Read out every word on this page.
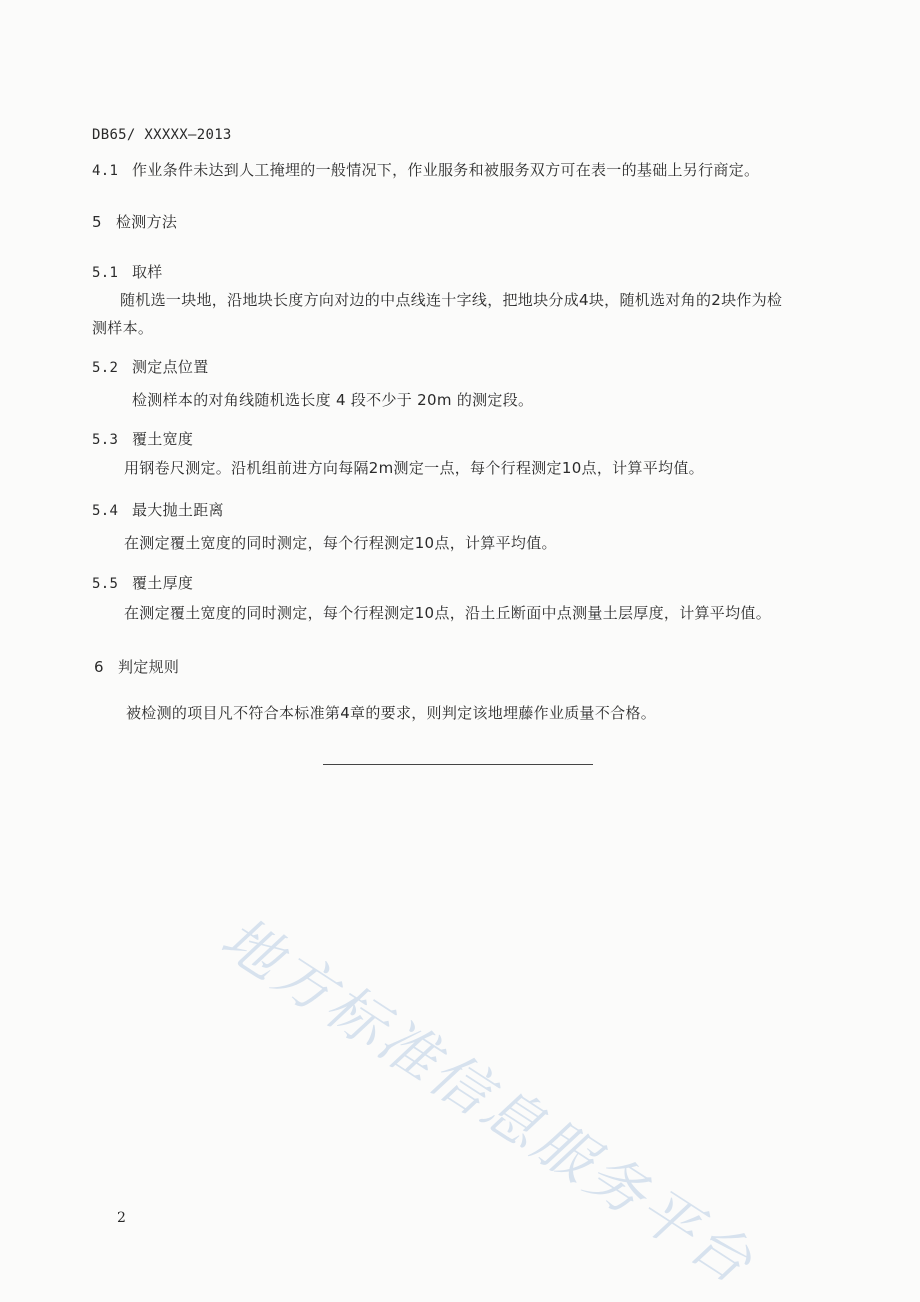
DB65/ XXXXX—2013
4.1 作业条件未达到人工掩埋的一般情况下，作业服务和被服务双方可在表一的基础上另行商定。
5 检测方法
5.1 取样
随机选一块地，沿地块长度方向对边的中点线连十字线，把地块分成4块，随机选对角的2块作为检
测样本。
5.2 测定点位置
检测样本的对角线随机选长度 4 段不少于 20m 的测定段。
5.3 覆土宽度
用钢卷尺测定。沿机组前进方向每隔2m测定一点，每个行程测定10点，计算平均值。
5.4 最大抛土距离
在测定覆土宽度的同时测定，每个行程测定10点，计算平均值。
5.5 覆土厚度
在测定覆土宽度的同时测定，每个行程测定10点，沿土丘断面中点测量土层厚度，计算平均值。
6 判定规则
被检测的项目凡不符合本标准第4章的要求，则判定该地埋藤作业质量不合格。
地方标准信息服务平台
2
